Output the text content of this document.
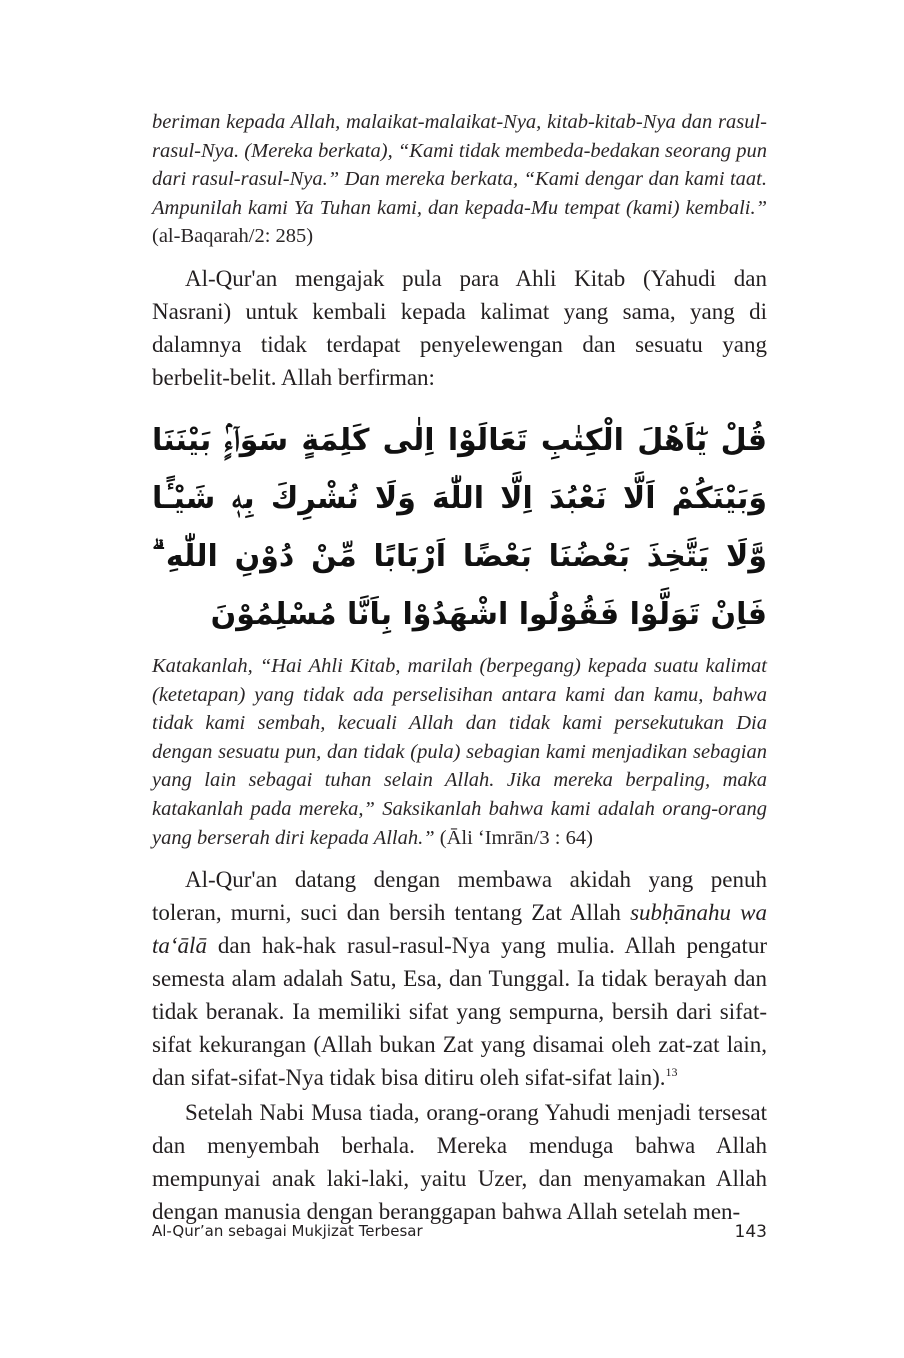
beriman kepada Allah, malaikat-malaikat-Nya, kitab-kitab-Nya dan rasul-rasul-Nya. (Mereka berkata), “Kami tidak membeda-bedakan seorang pun dari rasul-rasul-Nya.” Dan mereka berkata, “Kami dengar dan kami taat. Ampunilah kami Ya Tuhan kami, dan kepada-Mu tempat (kami) kembali.” (al-Baqarah/2: 285)

Al-Qur'an mengajak pula para Ahli Kitab (Yahudi dan Nasrani) untuk kembali kepada kalimat yang sama, yang di dalamnya tidak terdapat penyelewengan dan sesuatu yang berbelit-belit. Allah berfirman:

قُلْ يٰٓاَهْلَ الْكِتٰبِ تَعَالَوْا اِلٰى كَلِمَةٍ سَوَاۤءٍۢ بَيْنَنَا وَبَيْنَكُمْ اَلَّا نَعْبُدَ اِلَّا اللّٰهَ وَلَا نُشْرِكَ بِهٖ شَيْـًٔا وَّلَا يَتَّخِذَ بَعْضُنَا بَعْضًا اَرْبَابًا مِّنْ دُوْنِ اللّٰهِ ۗ فَاِنْ تَوَلَّوْا فَقُوْلُوا اشْهَدُوْا بِاَنَّا مُسْلِمُوْنَ

Katakanlah, “Hai Ahli Kitab, marilah (berpegang) kepada suatu kalimat (ketetapan) yang tidak ada perselisihan antara kami dan kamu, bahwa tidak kami sembah, kecuali Allah dan tidak kami persekutukan Dia dengan sesuatu pun, dan tidak (pula) sebagian kami menjadikan sebagian yang lain sebagai tuhan selain Allah. Jika mereka berpaling, maka katakanlah pada mereka,” Saksikanlah bahwa kami adalah orang-orang yang berserah diri kepada Allah.” (Āli ‘Imrān/3 : 64)

Al-Qur'an datang dengan membawa akidah yang penuh toleran, murni, suci dan bersih tentang Zat Allah subḥānahu wa ta‘ālā dan hak-hak rasul-rasul-Nya yang mulia. Allah pengatur semesta alam adalah Satu, Esa, dan Tunggal. Ia tidak berayah dan tidak beranak. Ia memiliki sifat yang sempurna, bersih dari sifat-sifat kekurangan (Allah bukan Zat yang disamai oleh zat-zat lain, dan sifat-sifat-Nya tidak bisa ditiru oleh sifat-sifat lain).$^{13}$

Setelah Nabi Musa tiada, orang-orang Yahudi menjadi tersesat dan menyembah berhala. Mereka menduga bahwa Allah mempunyai anak laki-laki, yaitu Uzer, dan menyamakan Allah dengan manusia dengan beranggapan bahwa Allah setelah men-

Al-Qur’an sebagai Mukjizat Terbesar	143
